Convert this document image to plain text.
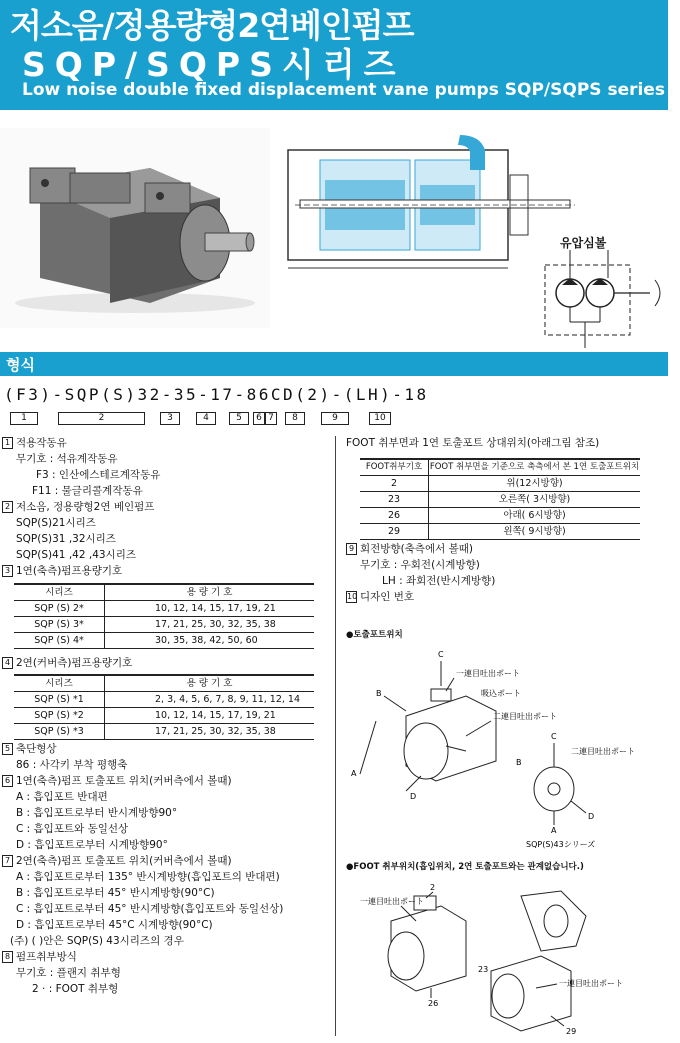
저소음/정용량형2연베인펌프
SQP/SQPS시리즈
Low noise double fixed displacement vane pumps SQP/SQPS series
유압심볼
형식
(F3)-SQP(S)32-35-17-86CD(2)-(LH)-18
1	2	3	4	5	6 7	8	9	10
1 적용작동유
무기호 : 석유계작동유
F3 : 인산에스테르계작동유
F11 : 물글리콜계작동유
2 저소음, 정용량형2연 베인펌프
SQP(S)21시리즈
SQP(S)31 ,32시리즈
SQP(S)41 ,42 ,43시리즈
3 1연(축측)펌프용량기호
시리즈	용 량 기 호
SQP (S) 2*	10, 12, 14, 15, 17, 19, 21
SQP (S) 3*	17, 21, 25, 30, 32, 35, 38
SQP (S) 4*	30, 35, 38, 42, 50, 60
4 2연(커버측)펌프용량기호
시리즈	용 량 기 호
SQP (S) *1	2, 3, 4, 5, 6, 7, 8, 9, 11, 12, 14
SQP (S) *2	10, 12, 14, 15, 17, 19, 21
SQP (S) *3	17, 21, 25, 30, 32, 35, 38
5 축단형상
86 : 사각키 부착 평행축
6 1연(축측)펌프 토출포트 위치(커버측에서 볼때)
A : 흡입포트 반대편
B : 흡입포트로부터 반시계방향90°
C : 흡입포트와 동일선상
D : 흡입포트로부터 시계방향90°
7 2연(축측)펌프 토출포트 위치(커버측에서 볼때)
A : 흡입포트로부터 135° 반시계방향(흡입포트의 반대편)
B : 흡입포트로부터 45° 반시계방향(90°C)
C : 흡입포트로부터 45° 반시계방향(흡입포트와 동일선상)
D : 흡입포트로부터 45°C 시계방향(90°C)
(주) ( )안은 SQP(S) 43시리즈의 경우
8 펌프취부방식
무기호 : 플랜지 취부형
2 · : FOOT 취부형
FOOT 취부면과 1연 토출포트 상대위치(아래그림 참조)
FOOT취부기호	FOOT 취부면을 기준으로 축측에서 본 1연 토출포트위치
2	위(12시방향)
23	오른쪽( 3시방향)
26	아래( 6시방향)
29	왼쪽( 9시방향)
9 회전방향(축측에서 볼때)
무기호 : 우회전(시계방향)
LH : 좌회전(반시계방향)
10 디자인 번호
●토출포트위치
C
B
A
D
一連目吐出ポート
吸込ポート
二連目吐出ポート
C
B
D
A
二連目吐出ポート
SQP(S)43シリーズ
●FOOT 취부위치(흡입위치, 2연 토출포트와는 관계없습니다.)
2
一連目吐出ポート
26
23
一連目吐出ポート
29
